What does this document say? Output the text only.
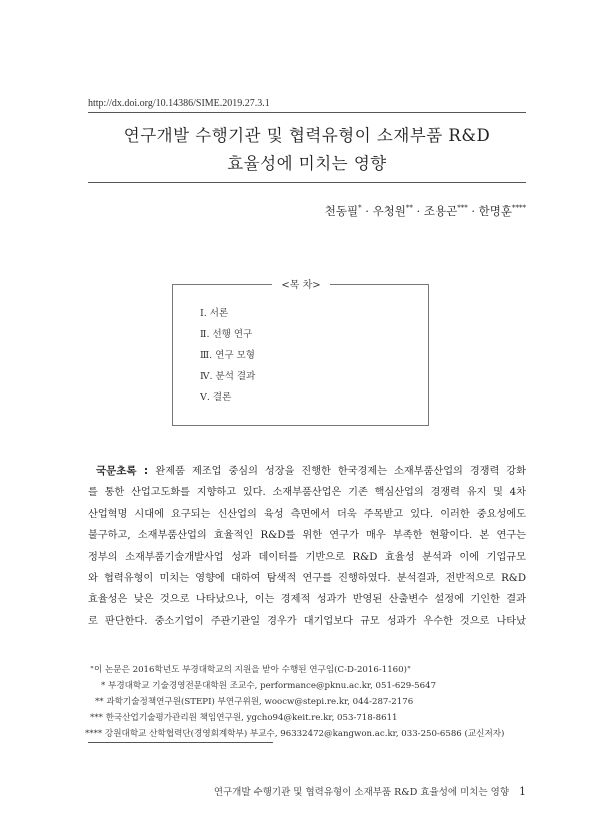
http://dx.doi.org/10.14386/SIME.2019.27.3.1
연구개발 수행기관 및 협력유형이 소재부품 R&D
효율성에 미치는 영향
천동필* · 우청원** · 조용곤*** · 한명훈****
<목 차>
Ⅰ. 서론
Ⅱ. 선행 연구
Ⅲ. 연구 모형
Ⅳ. 분석 결과
Ⅴ. 결론
국문초록 : 완제품 제조업 중심의 성장을 진행한 한국경제는 소재부품산업의 경쟁력 강화
를 통한 산업고도화를 지향하고 있다. 소재부품산업은 기존 핵심산업의 경쟁력 유지 및 4차
산업혁명 시대에 요구되는 신산업의 육성 측면에서 더욱 주목받고 있다. 이러한 중요성에도
불구하고, 소재부품산업의 효율적인 R&D를 위한 연구가 매우 부족한 현황이다. 본 연구는
정부의 소재부품기술개발사업 성과 데이터를 기반으로 R&D 효율성 분석과 이에 기업규모
와 협력유형이 미치는 영향에 대하여 탐색적 연구를 진행하였다. 분석결과, 전반적으로 R&D
효율성은 낮은 것으로 나타났으나, 이는 경제적 성과가 반영된 산출변수 설정에 기인한 결과
로 판단한다. 중소기업이 주관기관일 경우가 대기업보다 규모 성과가 우수한 것으로 나타났
"이 논문은 2016학년도 부경대학교의 지원을 받아 수행된 연구임(C-D-2016-1160)"
* 부경대학교 기술경영전문대학원 조교수, performance@pknu.ac.kr, 051-629-5647
** 과학기술정책연구원(STEPI) 부연구위원, woocw@stepi.re.kr, 044-287-2176
*** 한국산업기술평가관리원 책임연구원, ygcho94@keit.re.kr, 053-718-8611
**** 강원대학교 산학협력단(경영회계학부) 부교수, 96332472@kangwon.ac.kr, 033-250-6586 (교신저자)
연구개발 수행기관 및 협력유형이 소재부품 R&D 효율성에 미치는 영향 1
